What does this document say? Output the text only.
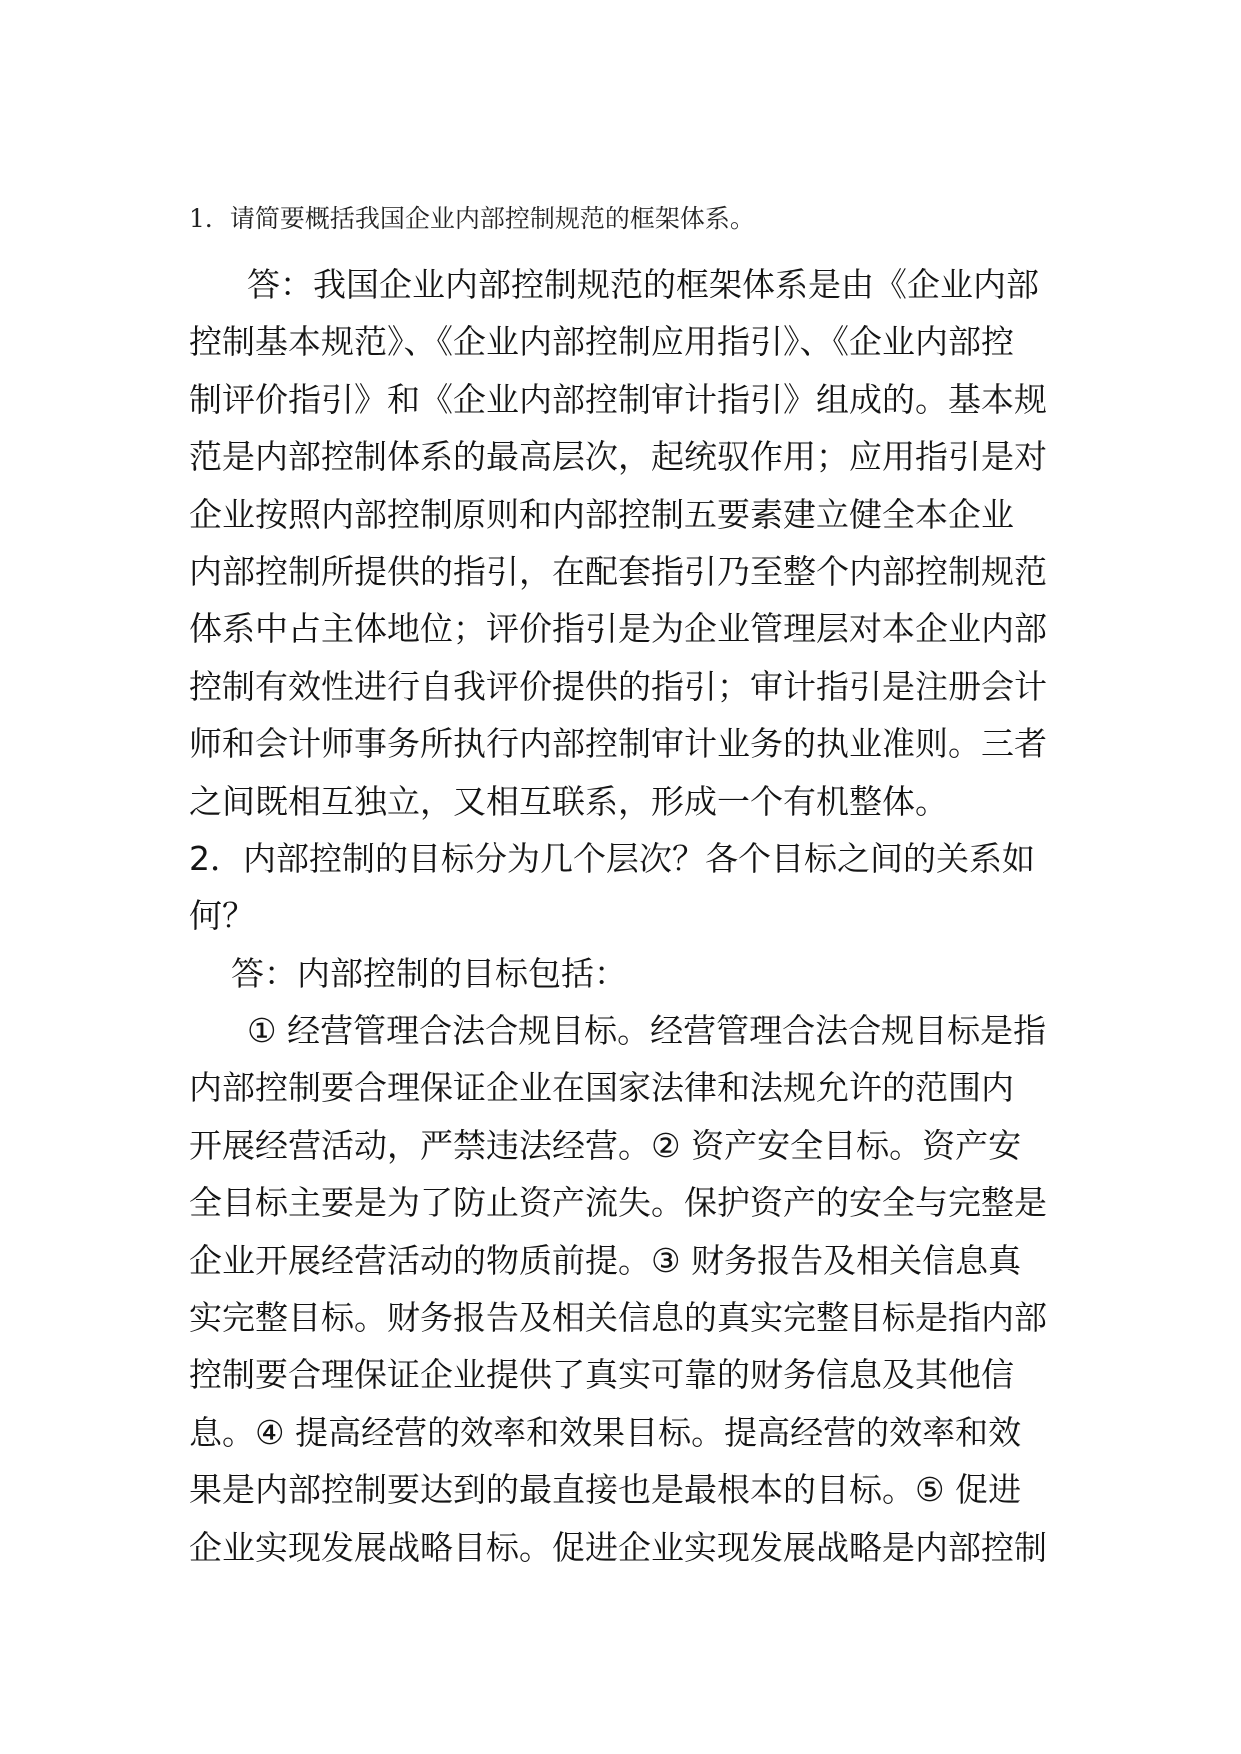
1．请简要概括我国企业内部控制规范的框架体系。
答：我国企业内部控制规范的框架体系是由《企业内部
控制基本规范》、《企业内部控制应用指引》、《企业内部控
制评价指引》和《企业内部控制审计指引》组成的。基本规
范是内部控制体系的最高层次，起统驭作用；应用指引是对
企业按照内部控制原则和内部控制五要素建立健全本企业
内部控制所提供的指引，在配套指引乃至整个内部控制规范
体系中占主体地位；评价指引是为企业管理层对本企业内部
控制有效性进行自我评价提供的指引；审计指引是注册会计
师和会计师事务所执行内部控制审计业务的执业准则。三者
之间既相互独立，又相互联系，形成一个有机整体。
2．内部控制的目标分为几个层次？各个目标之间的关系如
何？
答：内部控制的目标包括：
① 经营管理合法合规目标。经营管理合法合规目标是指
内部控制要合理保证企业在国家法律和法规允许的范围内
开展经营活动，严禁违法经营。② 资产安全目标。资产安
全目标主要是为了防止资产流失。保护资产的安全与完整是
企业开展经营活动的物质前提。③ 财务报告及相关信息真
实完整目标。财务报告及相关信息的真实完整目标是指内部
控制要合理保证企业提供了真实可靠的财务信息及其他信
息。④ 提高经营的效率和效果目标。提高经营的效率和效
果是内部控制要达到的最直接也是最根本的目标。⑤ 促进
企业实现发展战略目标。促进企业实现发展战略是内部控制
